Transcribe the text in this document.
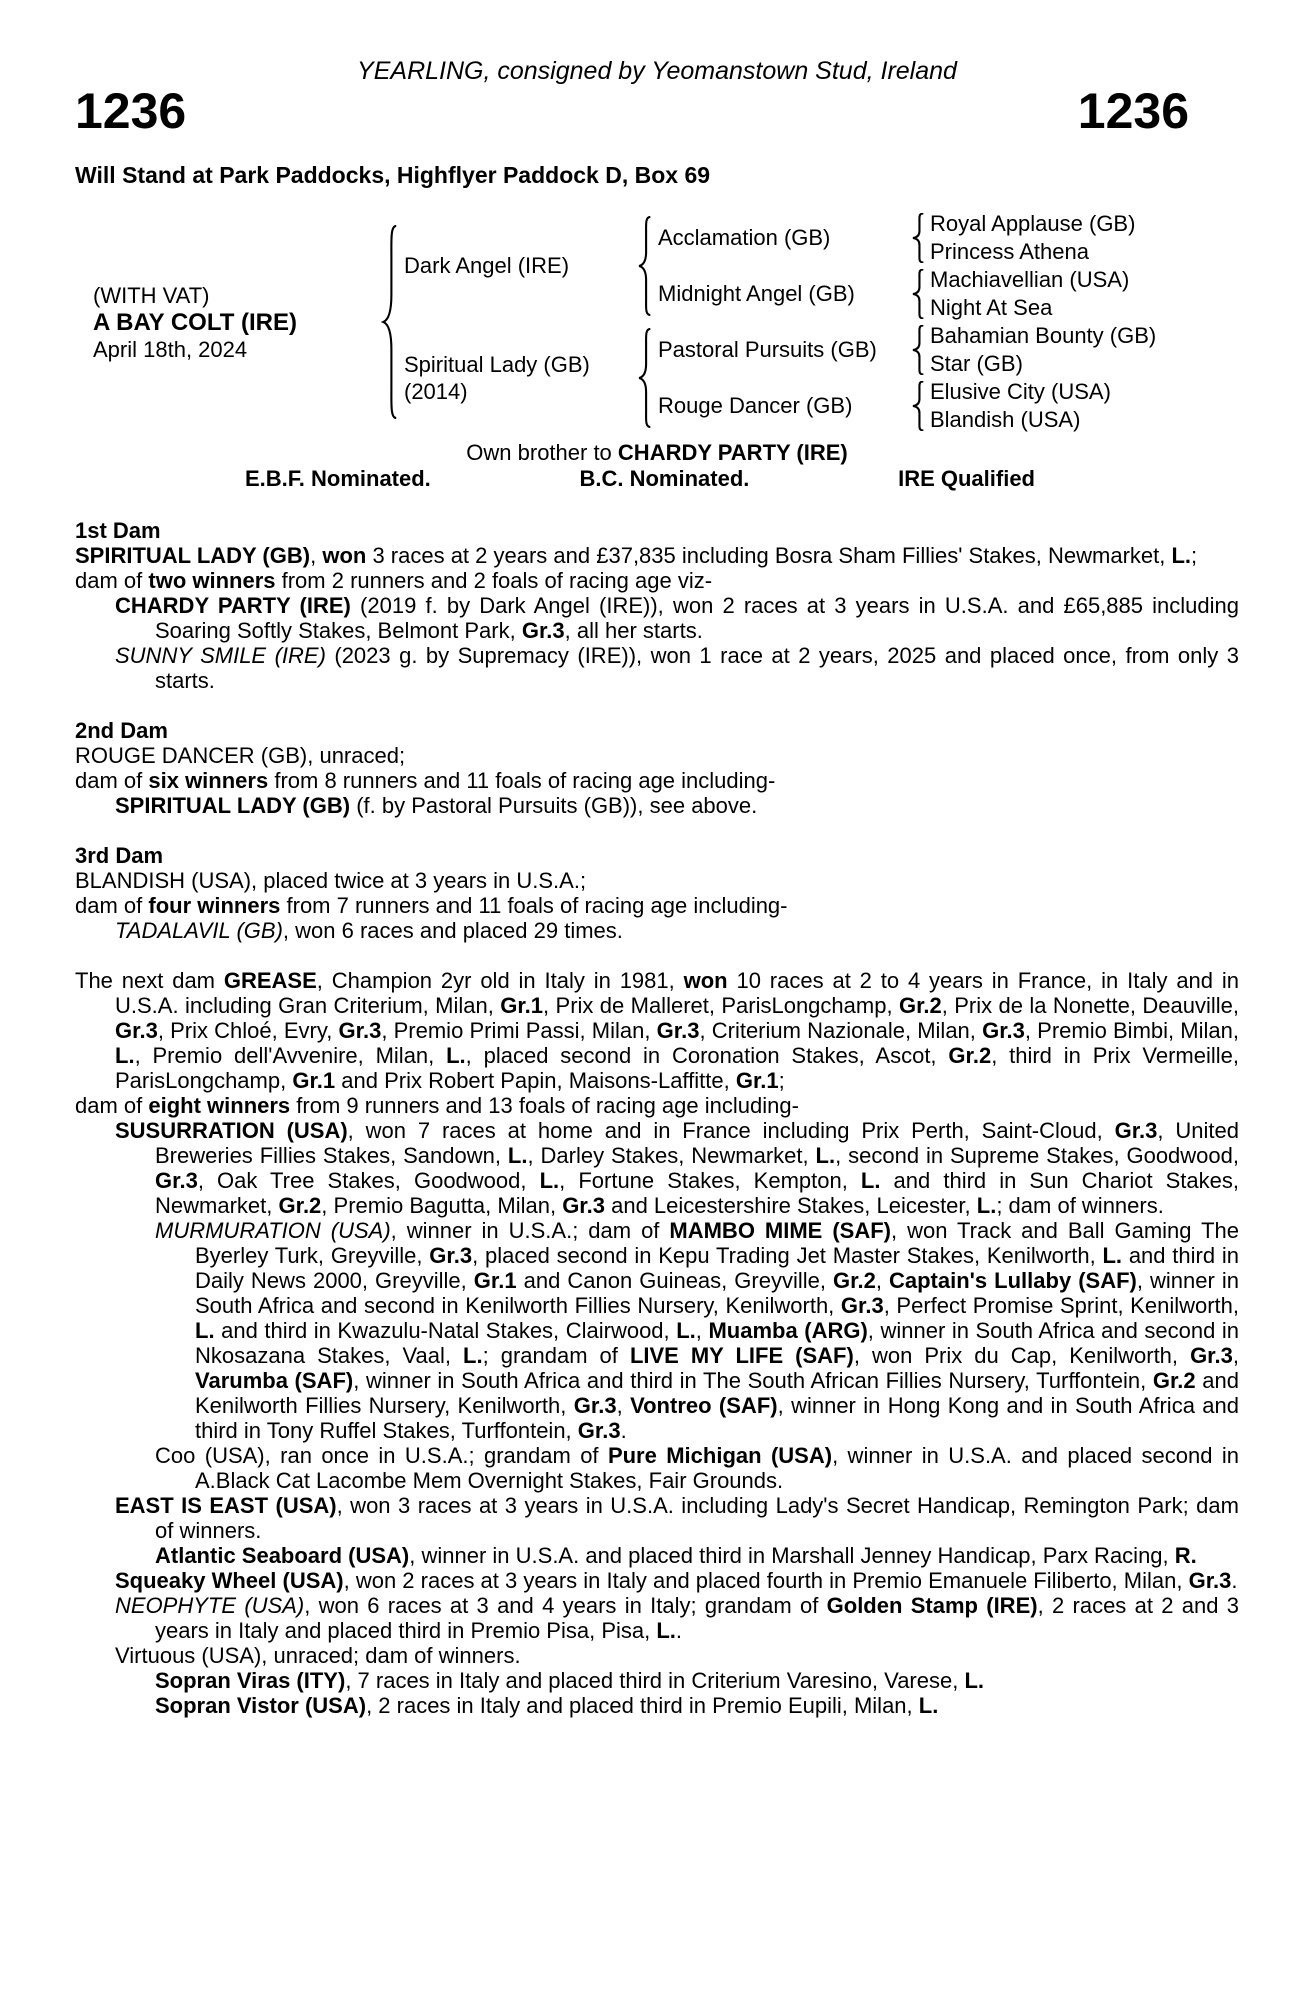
YEARLING, consigned by Yeomanstown Stud, Ireland
1236	1236
Will Stand at Park Paddocks, Highflyer Paddock D, Box 69
(WITH VAT)
A BAY COLT (IRE)
April 18th, 2024
Dark Angel (IRE)
Spiritual Lady (GB)
(2014)
Acclamation (GB)
Midnight Angel (GB)
Pastoral Pursuits (GB)
Rouge Dancer (GB)
Royal Applause (GB)
Princess Athena
Machiavellian (USA)
Night At Sea
Bahamian Bounty (GB)
Star (GB)
Elusive City (USA)
Blandish (USA)
Own brother to CHARDY PARTY (IRE)
E.B.F. Nominated.	B.C. Nominated.	IRE Qualified

1st Dam

SPIRITUAL LADY (GB), won 3 races at 2 years and £37,835 including Bosra Sham Fillies' Stakes, Newmarket, L.;

dam of two winners from 2 runners and 2 foals of racing age viz-

CHARDY PARTY (IRE) (2019 f. by Dark Angel (IRE)), won 2 races at 3 years in U.S.A. and £65,885 including Soaring Softly Stakes, Belmont Park, Gr.3, all her starts.

SUNNY SMILE (IRE) (2023 g. by Supremacy (IRE)), won 1 race at 2 years, 2025 and placed once, from only 3 starts.

2nd Dam

ROUGE DANCER (GB), unraced;

dam of six winners from 8 runners and 11 foals of racing age including-

SPIRITUAL LADY (GB) (f. by Pastoral Pursuits (GB)), see above.

3rd Dam

BLANDISH (USA), placed twice at 3 years in U.S.A.;

dam of four winners from 7 runners and 11 foals of racing age including-

TADALAVIL (GB), won 6 races and placed 29 times.

The next dam GREASE, Champion 2yr old in Italy in 1981, won 10 races at 2 to 4 years in France, in Italy and in U.S.A. including Gran Criterium, Milan, Gr.1, Prix de Malleret, ParisLongchamp, Gr.2, Prix de la Nonette, Deauville, Gr.3, Prix Chloé, Evry, Gr.3, Premio Primi Passi, Milan, Gr.3, Criterium Nazionale, Milan, Gr.3, Premio Bimbi, Milan, L., Premio dell'Avvenire, Milan, L., placed second in Coronation Stakes, Ascot, Gr.2, third in Prix Vermeille, ParisLongchamp, Gr.1 and Prix Robert Papin, Maisons-Laffitte, Gr.1;

dam of eight winners from 9 runners and 13 foals of racing age including-

SUSURRATION (USA), won 7 races at home and in France including Prix Perth, Saint-Cloud, Gr.3, United Breweries Fillies Stakes, Sandown, L., Darley Stakes, Newmarket, L., second in Supreme Stakes, Goodwood, Gr.3, Oak Tree Stakes, Goodwood, L., Fortune Stakes, Kempton, L. and third in Sun Chariot Stakes, Newmarket, Gr.2, Premio Bagutta, Milan, Gr.3 and Leicestershire Stakes, Leicester, L.; dam of winners.

MURMURATION (USA), winner in U.S.A.; dam of MAMBO MIME (SAF), won Track and Ball Gaming The Byerley Turk, Greyville, Gr.3, placed second in Kepu Trading Jet Master Stakes, Kenilworth, L. and third in Daily News 2000, Greyville, Gr.1 and Canon Guineas, Greyville, Gr.2, Captain's Lullaby (SAF), winner in South Africa and second in Kenilworth Fillies Nursery, Kenilworth, Gr.3, Perfect Promise Sprint, Kenilworth, L. and third in Kwazulu-Natal Stakes, Clairwood, L., Muamba (ARG), winner in South Africa and second in Nkosazana Stakes, Vaal, L.; grandam of LIVE MY LIFE (SAF), won Prix du Cap, Kenilworth, Gr.3, Varumba (SAF), winner in South Africa and third in The South African Fillies Nursery, Turffontein, Gr.2 and Kenilworth Fillies Nursery, Kenilworth, Gr.3, Vontreo (SAF), winner in Hong Kong and in South Africa and third in Tony Ruffel Stakes, Turffontein, Gr.3.

Coo (USA), ran once in U.S.A.; grandam of Pure Michigan (USA), winner in U.S.A. and placed second in A.Black Cat Lacombe Mem Overnight Stakes, Fair Grounds.

EAST IS EAST (USA), won 3 races at 3 years in U.S.A. including Lady's Secret Handicap, Remington Park; dam of winners.

Atlantic Seaboard (USA), winner in U.S.A. and placed third in Marshall Jenney Handicap, Parx Racing, R.

Squeaky Wheel (USA), won 2 races at 3 years in Italy and placed fourth in Premio Emanuele Filiberto, Milan, Gr.3.

NEOPHYTE (USA), won 6 races at 3 and 4 years in Italy; grandam of Golden Stamp (IRE), 2 races at 2 and 3 years in Italy and placed third in Premio Pisa, Pisa, L..

Virtuous (USA), unraced; dam of winners.

Sopran Viras (ITY), 7 races in Italy and placed third in Criterium Varesino, Varese, L.

Sopran Vistor (USA), 2 races in Italy and placed third in Premio Eupili, Milan, L.
